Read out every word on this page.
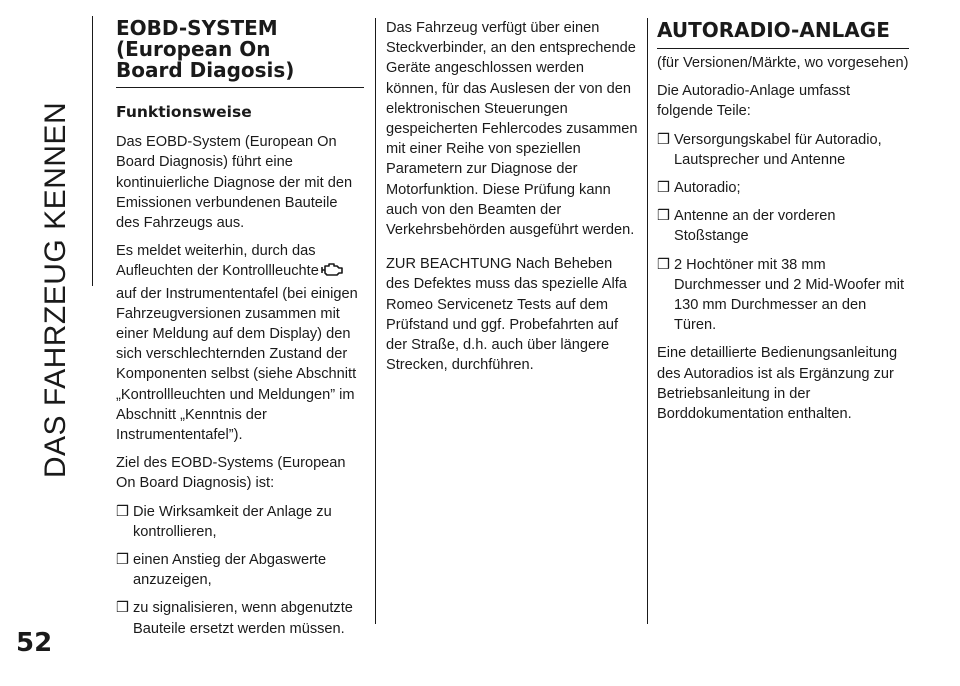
DAS FAHRZEUG KENNEN
52
EOBD-SYSTEM
(European On
Board Diagosis)
Funktionsweise

Das EOBD-System (European On Board Diagnosis) führt eine kontinuierliche Diagnose der mit den Emissionen verbundenen Bauteile des Fahrzeugs aus.

Es meldet weiterhin, durch das Aufleuchten der Kontrollleuchteauf der Instrumententafel (bei einigen Fahrzeugversionen zusammen mit einer Meldung auf dem Display) den sich verschlechternden Zustand der Komponenten selbst (siehe Abschnitt „Kontrollleuchten und Meldungen” im Abschnitt „Kenntnis der Instrumententafel”).

Ziel des EOBD-Systems (European On Board Diagnosis) ist:

❒ Die Wirksamkeit der Anlage zu kontrollieren,
❒ einen Anstieg der Abgaswerte anzuzeigen,
❒ zu signalisieren, wenn abgenutzte Bauteile ersetzt werden müssen.

Das Fahrzeug verfügt über einen Steckverbinder, an den entsprechende Geräte angeschlossen werden können, für das Auslesen der von den elektronischen Steuerungen gespeicherten Fehlercodes zusammen mit einer Reihe von speziellen Parametern zur Diagnose der Motorfunktion. Diese Prüfung kann auch von den Beamten der Verkehrsbehörden ausgeführt werden.

ZUR BEACHTUNG Nach Beheben des Defektes muss das spezielle Alfa Romeo Servicenetz Tests auf dem Prüfstand und ggf. Probefahrten auf der Straße, d.h. auch über längere Strecken, durchführen.

AUTORADIO-ANLAGE

(für Versionen/Märkte, wo vorgesehen)

Die Autoradio-Anlage umfasst folgende Teile:

❒ Versorgungskabel für Autoradio, Lautsprecher und Antenne
❒ Autoradio;
❒ Antenne an der vorderen Stoßstange
❒ 2 Hochtöner mit 38 mm Durchmesser und 2 Mid-Woofer mit 130 mm Durchmesser an den Türen.

Eine detaillierte Bedienungsanleitung des Autoradios ist als Ergänzung zur Betriebsanleitung in der Borddokumentation enthalten.
